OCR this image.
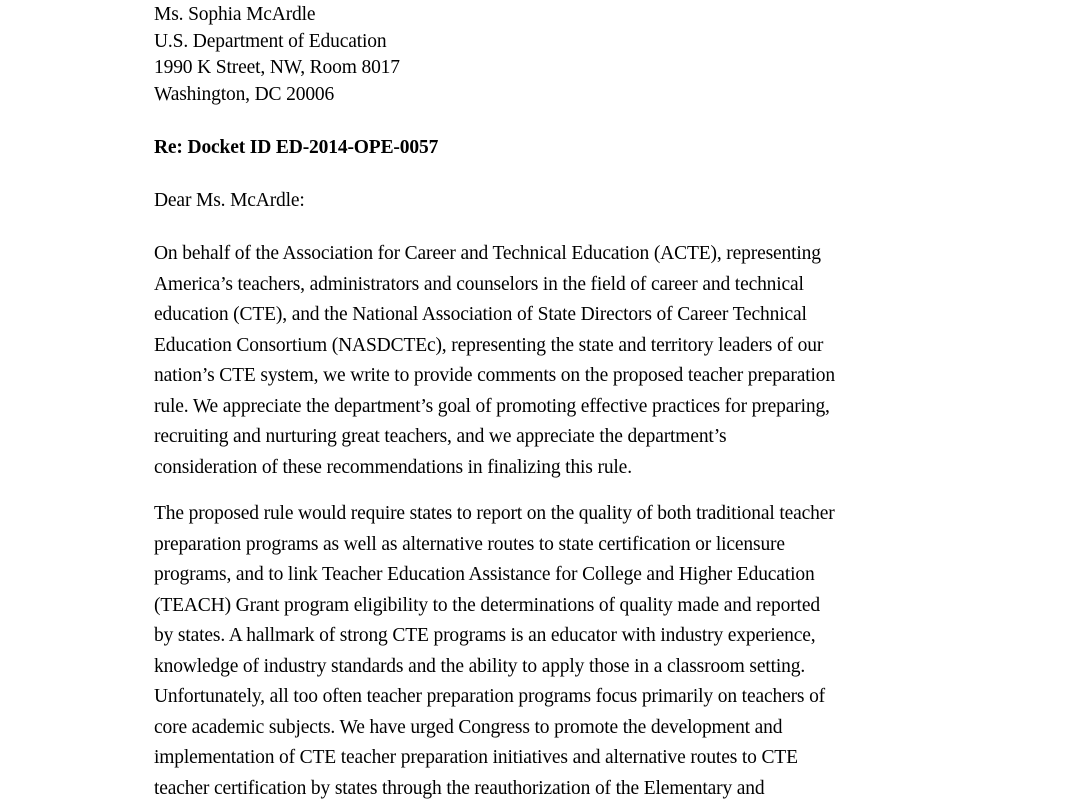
Ms. Sophia McArdle
U.S. Department of Education
1990 K Street, NW, Room 8017
Washington, DC 20006
Re: Docket ID ED-2014-OPE-0057
Dear Ms. McArdle:
On behalf of the Association for Career and Technical Education (ACTE), representing
America’s teachers, administrators and counselors in the field of career and technical
education (CTE), and the National Association of State Directors of Career Technical
Education Consortium (NASDCTEc), representing the state and territory leaders of our
nation’s CTE system, we write to provide comments on the proposed teacher preparation
rule. We appreciate the department’s goal of promoting effective practices for preparing,
recruiting and nurturing great teachers, and we appreciate the department’s
consideration of these recommendations in finalizing this rule.
The proposed rule would require states to report on the quality of both traditional teacher
preparation programs as well as alternative routes to state certification or licensure
programs, and to link Teacher Education Assistance for College and Higher Education
(TEACH) Grant program eligibility to the determinations of quality made and reported
by states. A hallmark of strong CTE programs is an educator with industry experience,
knowledge of industry standards and the ability to apply those in a classroom setting.
Unfortunately, all too often teacher preparation programs focus primarily on teachers of
core academic subjects. We have urged Congress to promote the development and
implementation of CTE teacher preparation initiatives and alternative routes to CTE
teacher certification by states through the reauthorization of the Elementary and
